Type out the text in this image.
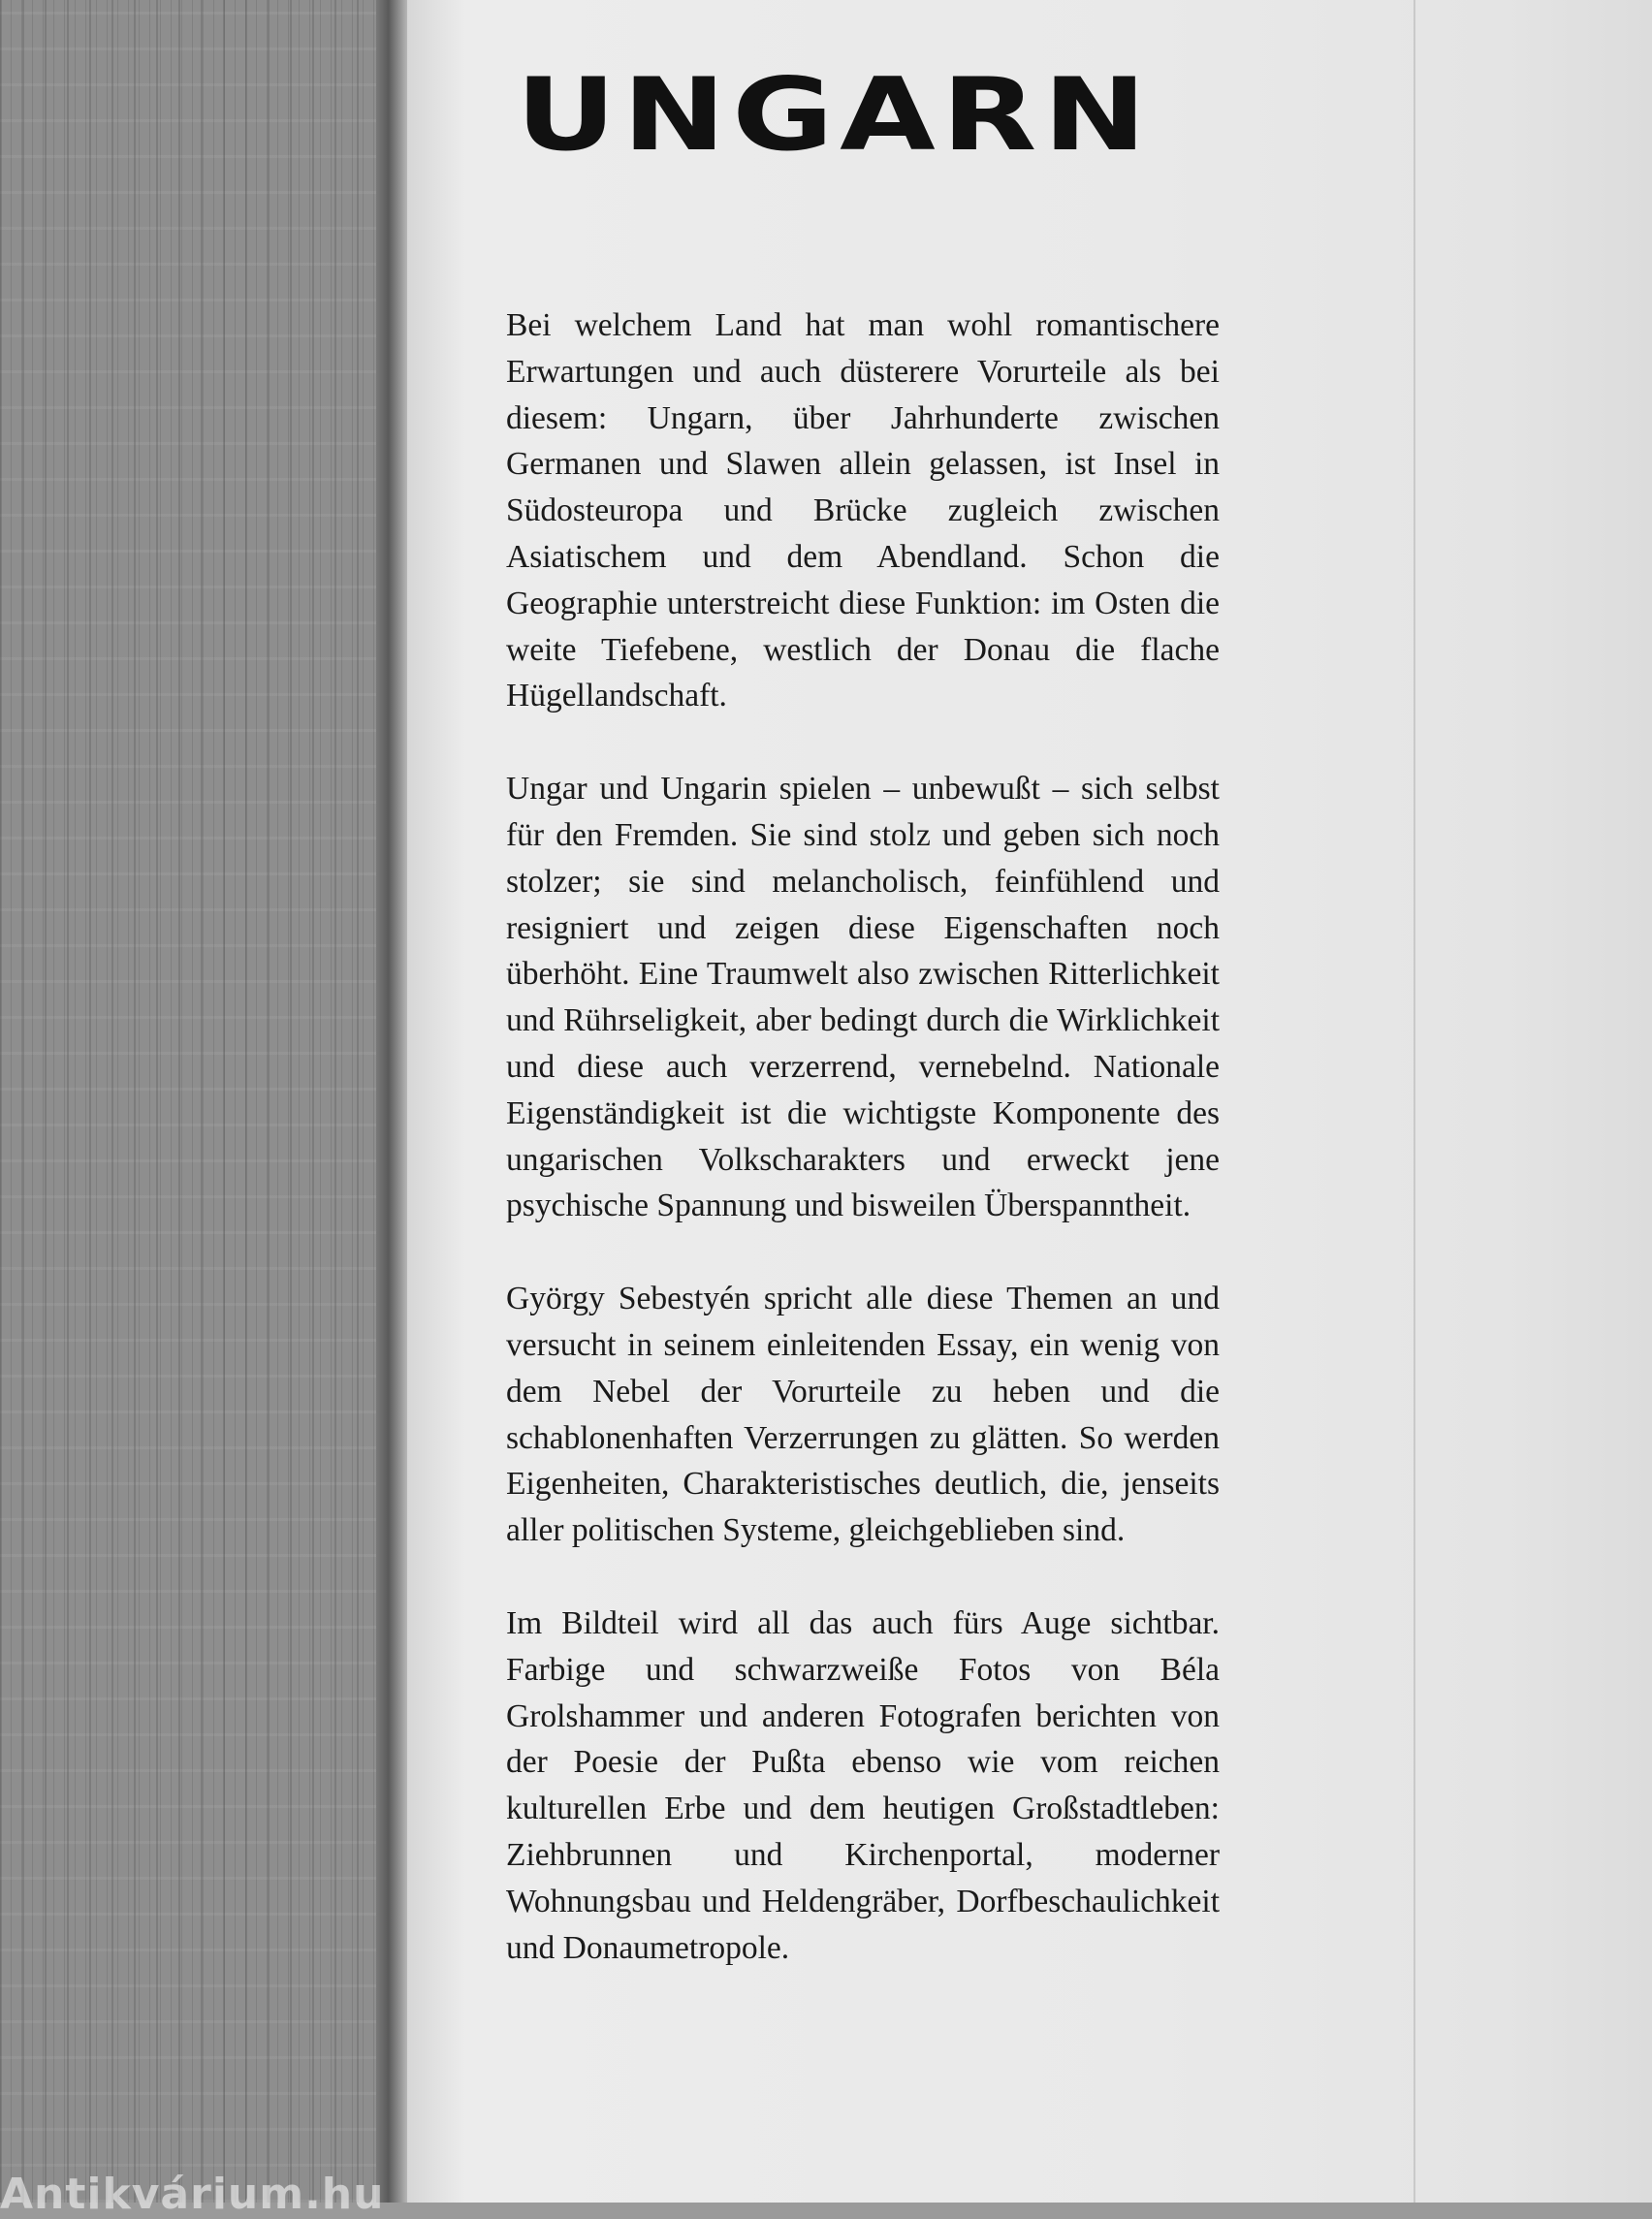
UNGARN

Bei welchem Land hat man wohl romantischere Erwartungen und auch düsterere Vorurteile als bei diesem: Ungarn, über Jahrhunderte zwischen Germanen und Slawen allein gelassen, ist Insel in Südosteuropa und Brücke zugleich zwischen Asiatischem und dem Abendland. Schon die Geographie unterstreicht diese Funktion: im Osten die weite Tiefebene, westlich der Donau die flache Hügellandschaft.

Ungar und Ungarin spielen – unbewußt – sich selbst für den Fremden. Sie sind stolz und geben sich noch stolzer; sie sind melancholisch, feinfühlend und resigniert und zeigen diese Eigenschaften noch überhöht. Eine Traumwelt also zwischen Ritterlichkeit und Rührseligkeit, aber bedingt durch die Wirklichkeit und diese auch verzerrend, vernebelnd. Nationale Eigenständigkeit ist die wichtigste Komponente des ungarischen Volkscharakters und erweckt jene psychische Spannung und bisweilen Überspanntheit.

György Sebestyén spricht alle diese Themen an und versucht in seinem einleitenden Essay, ein wenig von dem Nebel der Vorurteile zu heben und die schablonenhaften Verzerrungen zu glätten. So werden Eigenheiten, Charakteristisches deutlich, die, jenseits aller politischen Systeme, gleichgeblieben sind.

Im Bildteil wird all das auch fürs Auge sichtbar. Farbige und schwarzweiße Fotos von Béla Grolshammer und anderen Fotografen berichten von der Poesie der Pußta ebenso wie vom reichen kulturellen Erbe und dem heutigen Großstadtleben: Ziehbrunnen und Kirchenportal, moderner Wohnungsbau und Heldengräber, Dorfbeschaulichkeit und Donaumetropole.

Antikvárium.hu
